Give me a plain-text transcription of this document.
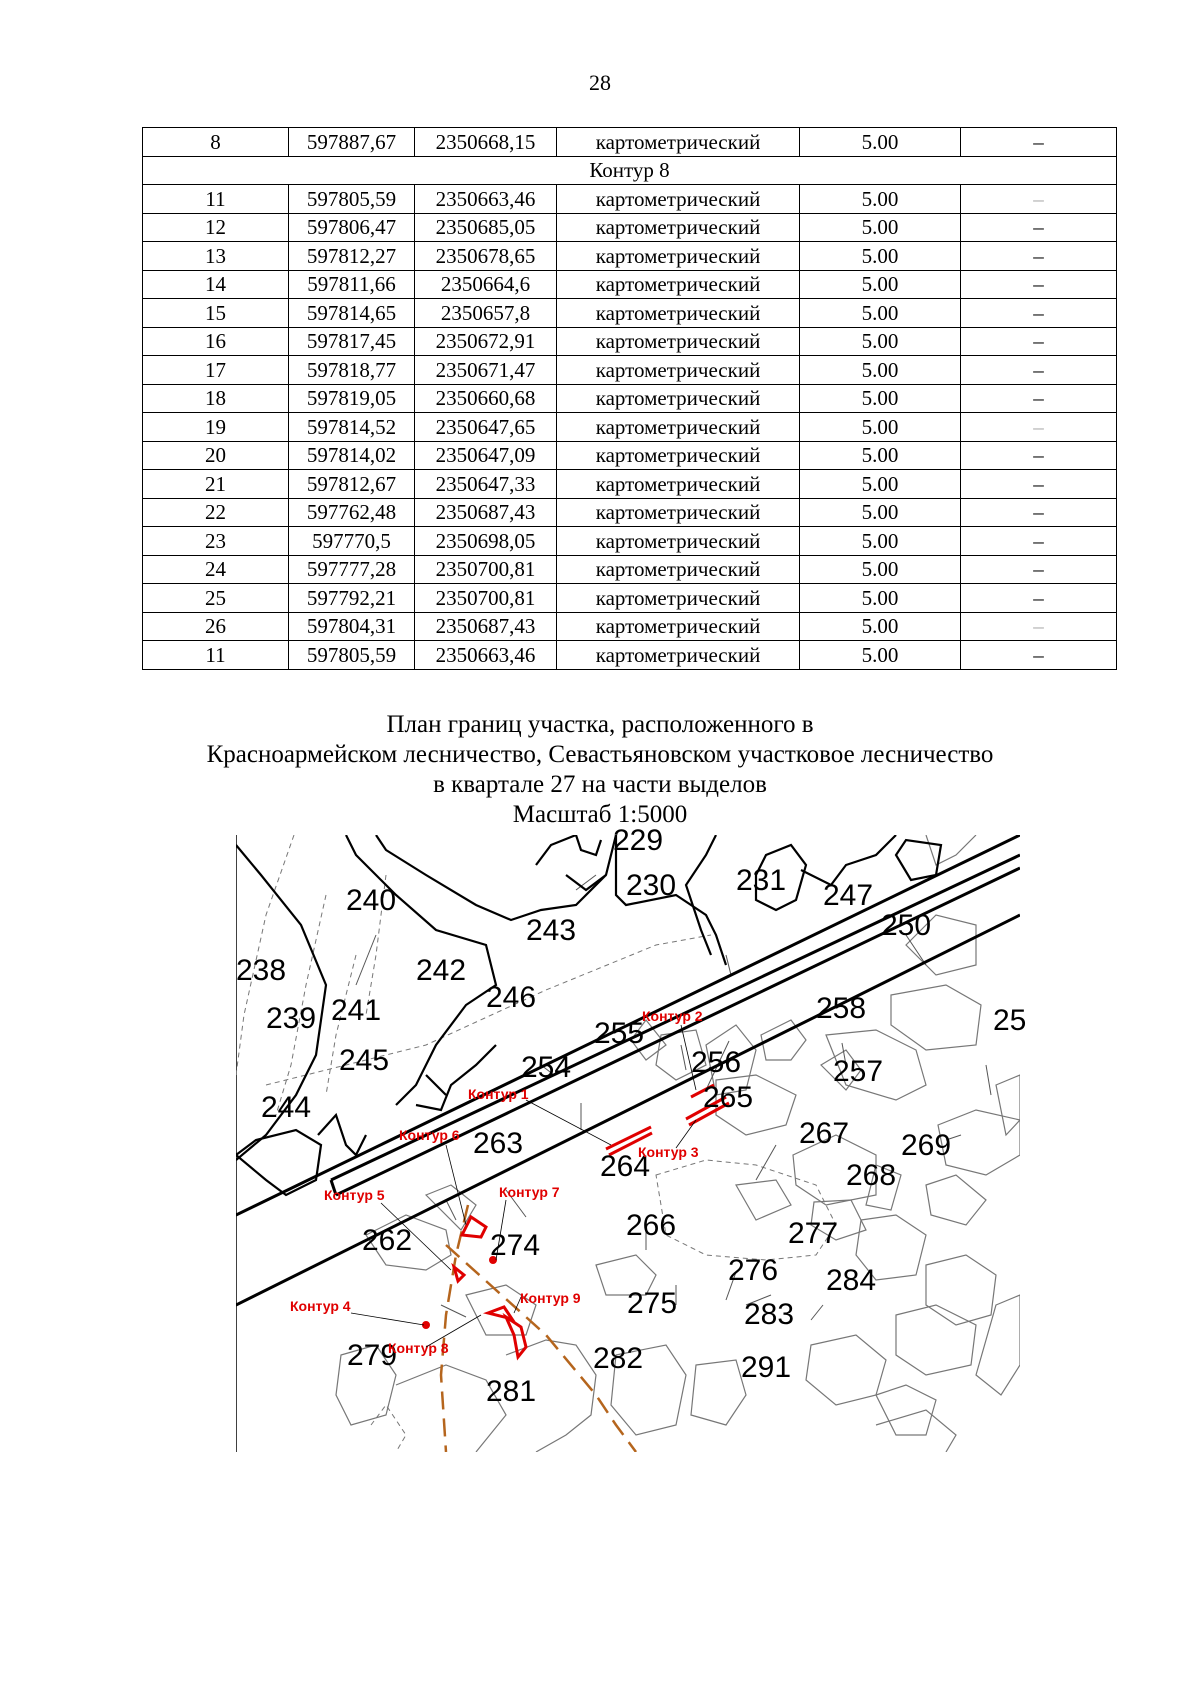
28
8	597887,67	2350668,15	картометрический	5.00	–
Контур 8					
11	597805,59	2350663,46	картометрический	5.00	–
12	597806,47	2350685,05	картометрический	5.00	–
13	597812,27	2350678,65	картометрический	5.00	–
14	597811,66	2350664,6	картометрический	5.00	–
15	597814,65	2350657,8	картометрический	5.00	–
16	597817,45	2350672,91	картометрический	5.00	–
17	597818,77	2350671,47	картометрический	5.00	–
18	597819,05	2350660,68	картометрический	5.00	–
19	597814,52	2350647,65	картометрический	5.00	–
20	597814,02	2350647,09	картометрический	5.00	–
21	597812,67	2350647,33	картометрический	5.00	–
22	597762,48	2350687,43	картометрический	5.00	–
23	597770,5	2350698,05	картометрический	5.00	–
24	597777,28	2350700,81	картометрический	5.00	–
25	597792,21	2350700,81	картометрический	5.00	–
26	597804,31	2350687,43	картометрический	5.00	–
11	597805,59	2350663,46	картометрический	5.00	–
План границ участка, расположенного в
Красноармейском лесничество, Севастьяновском участковое лесничество
в квартале 27 на части выделов
Масштаб 1:5000
229
230 231 247
240
243	250
238	242
246	258	25
239 241
255
256	257
245	254
265
244
267 269
263
264	268
266	277
262	274
276 284
275 283
279	282	291
281
Контур 2
Контур 1
Контур 3
Контур 6
Контур 7
Контур 5
Контур 4	Контур 9
Контур 8
